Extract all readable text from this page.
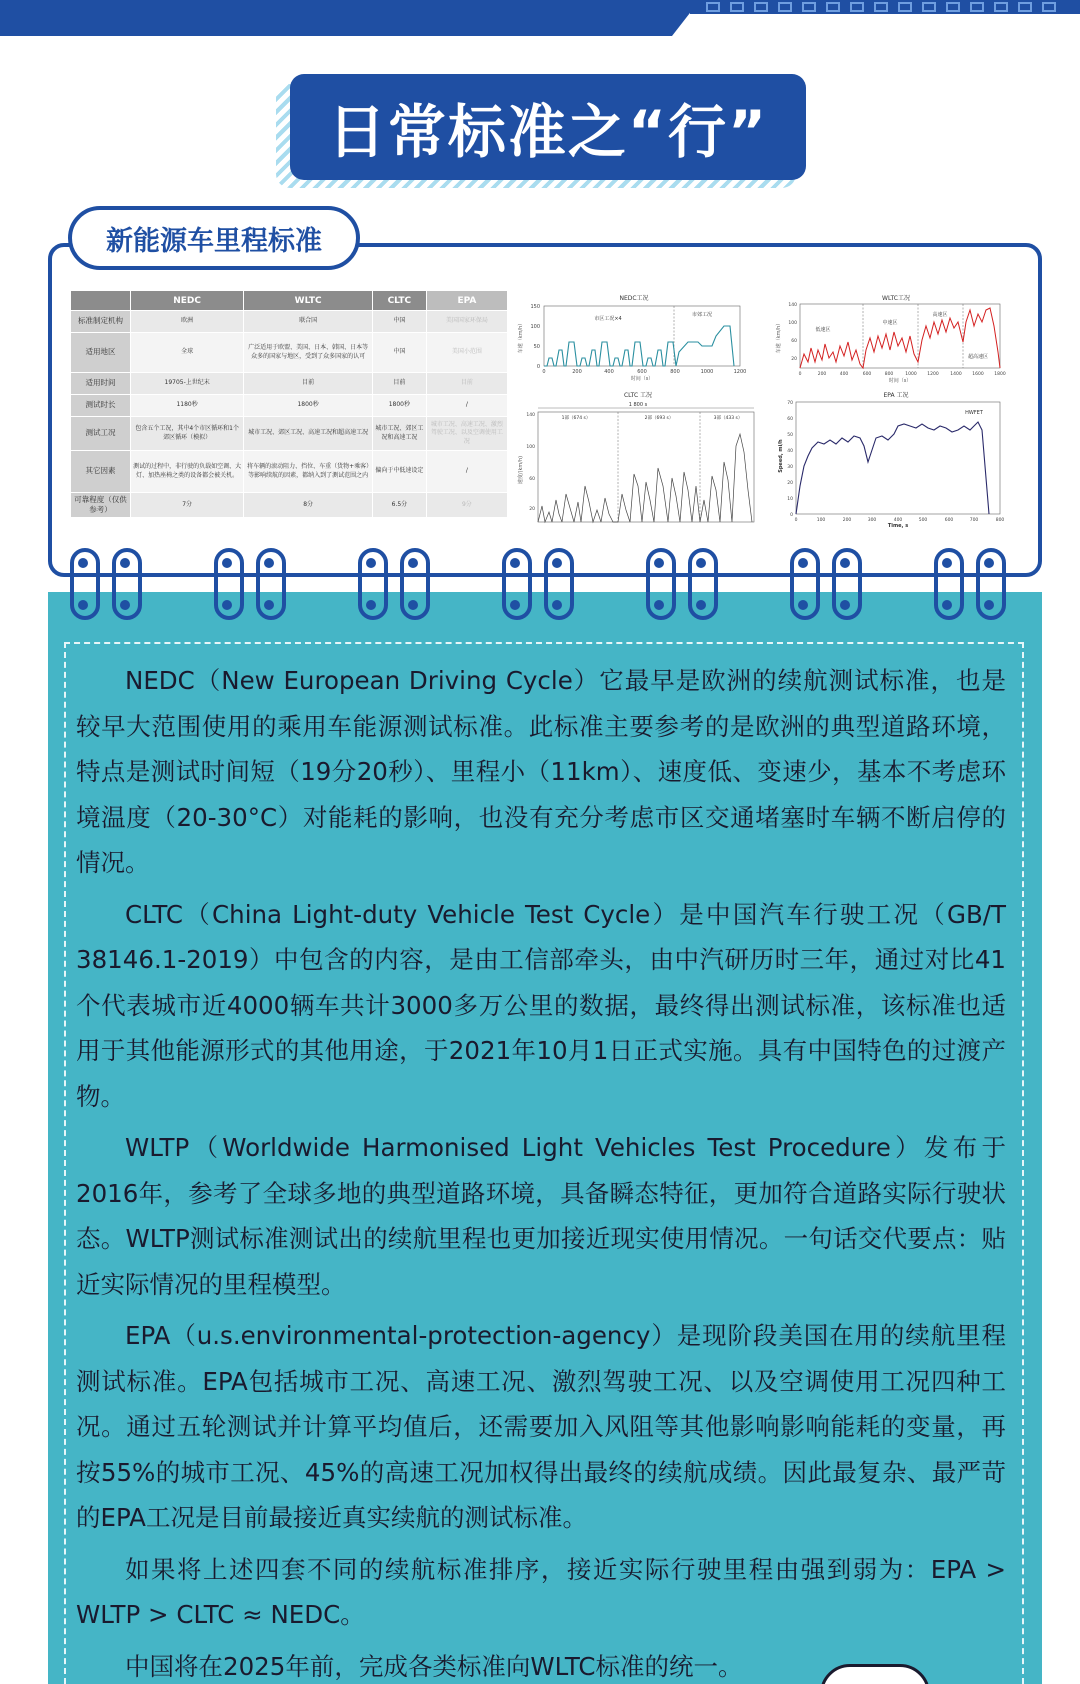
日常标准之“行”
新能源车里程标准
	NEDC	WLTC	CLTC	EPA
标准制定机构	欧洲	联合国	中国	美国国家环保局
适用地区	全球	广泛适用于欧盟、美国、日本、韩国、日本等众多的国家与地区，受到了众多国家的认可	中国	美国小范围
适用时间	19705-上世纪末	目前	目前	目前
测试时长	1180秒	1800秒	1800秒	/
测试工况	包含五个工况，其中4个市区循环和1个郊区循环（模拟）	城市工况、郊区工况、高速工况和超高速工况	城市工况、郊区工况和高速工况	城市工况、高速工况、激烈驾驶工况、以及空调使用工况
其它因素	测试的过程中，非行驶的负载如空调、大灯、加热座椅之类的设备都会被关机。	将车辆的滚动阻力、挡位、车重（货物+乘客）等影响续航的因素，都纳入到了测试范围之内	偏向于中低速设定	/
可靠程度（仅供参考）	7分	8分	6.5分	9分
NEDC工况
车速（km/h）
150
100
50
0
0	200	400	600	800	1000	1200
时间（s）
市区工况×4
市郊工况
WLTC工况
车速（km/h）
140
100
60
20
0	200	400	600	800	1000 1200	1400 1600 1800
时间（s）
低速区
中速区
高速区
超高速区
CLTC 工况
1 800 s
速度/(km/h)
140
100
60
20
1部（674 s）	2部（693 s）	3部（433 s）
EPA 工况
Speed, mi/h
70
60
50
40
30
20
10
0
0	100	200	300	400	500	600	700	800
Time, s
HWFET

NEDC（New European Driving Cycle）它最早是欧洲的续航测试标准，也是较早大范围使用的乘用车能源测试标准。此标准主要参考的是欧洲的典型道路环境，特点是测试时间短（19分20秒）、里程小（11km）、速度低、变速少，基本不考虑环境温度（20-30°C）对能耗的影响，也没有充分考虑市区交通堵塞时车辆不断启停的情况。

CLTC（China Light-duty Vehicle Test Cycle）是中国汽车行驶工况（GB/T 38146.1-2019）中包含的内容，是由工信部牵头，由中汽研历时三年，通过对比41个代表城市近4000辆车共计3000多万公里的数据，最终得出测试标准，该标准也适用于其他能源形式的其他用途，于2021年10月1日正式实施。具有中国特色的过渡产物。

WLTP（Worldwide Harmonised Light Vehicles Test Procedure）发布于2016年，参考了全球多地的典型道路环境，具备瞬态特征，更加符合道路实际行驶状态。WLTP测试标准测试出的续航里程也更加接近现实使用情况。一句话交代要点：贴近实际情况的里程模型。

EPA（u.s.environmental-protection-agency）是现阶段美国在用的续航里程测试标准。EPA包括城市工况、高速工况、激烈驾驶工况、以及空调使用工况四种工况。通过五轮测试并计算平均值后，还需要加入风阻等其他影响影响能耗的变量，再按55%的城市工况、45%的高速工况加权得出最终的续航成绩。因此最复杂、最严苛的EPA工况是目前最接近真实续航的测试标准。

如果将上述四套不同的续航标准排序，接近实际行驶里程由强到弱为：EPA > WLTP > CLTC ≈ NEDC。

中国将在2025年前，完成各类标准向WLTC标准的统一。
